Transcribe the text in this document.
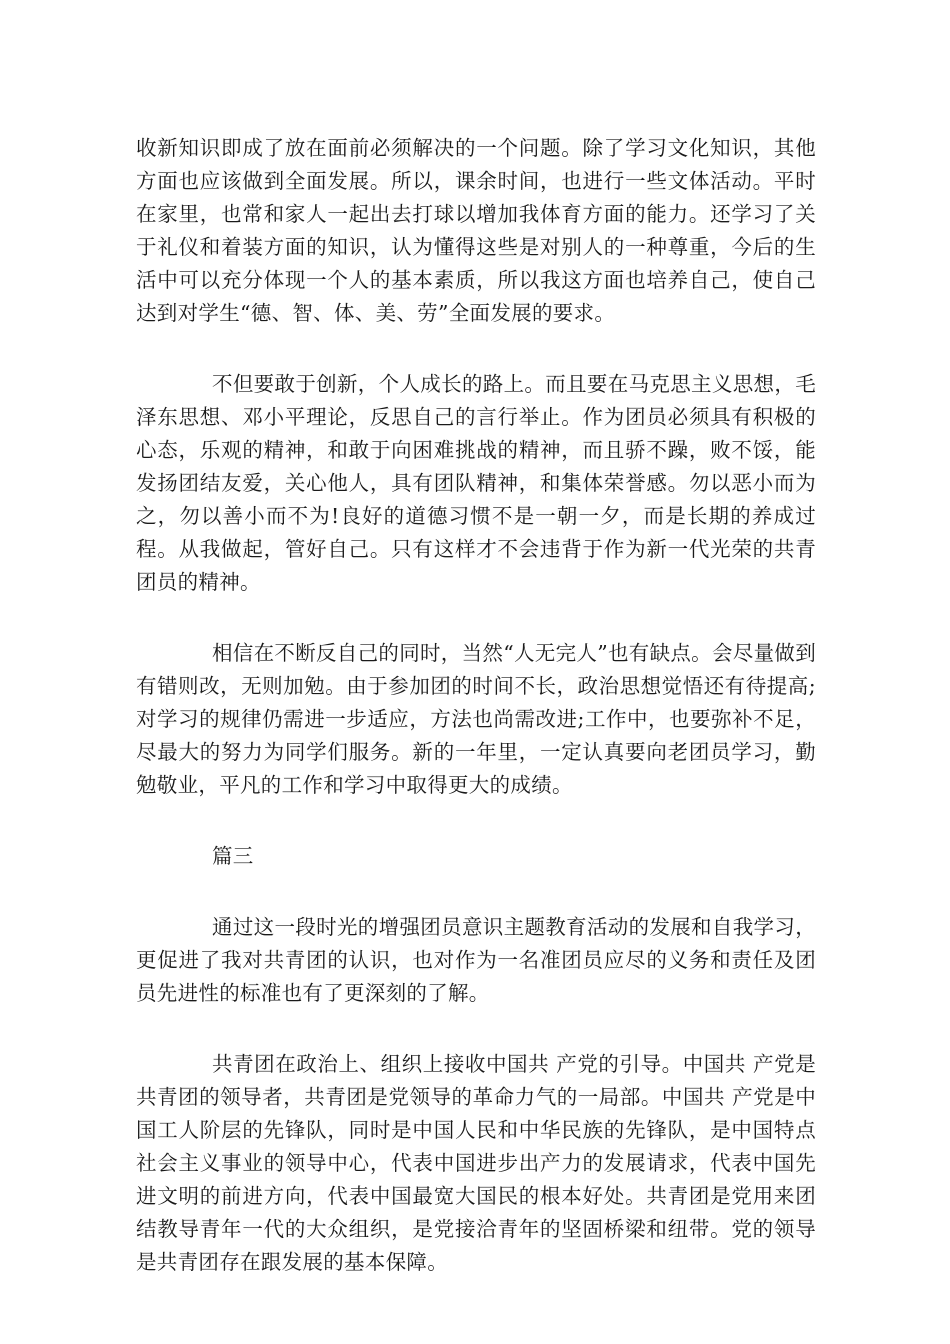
收新知识即成了放在面前必须解决的一个问题。除了学习文化知识，其他方面也应该做到全面发展。所以，课余时间，也进行一些文体活动。平时在家里，也常和家人一起出去打球以增加我体育方面的能力。还学习了关于礼仪和着装方面的知识，认为懂得这些是对别人的一种尊重，今后的生活中可以充分体现一个人的基本素质，所以我这方面也培养自己，使自己达到对学生“德、智、体、美、劳”全面发展的要求。

不但要敢于创新，个人成长的路上。而且要在马克思主义思想，毛泽东思想、邓小平理论，反思自己的言行举止。作为团员必须具有积极的心态，乐观的精神，和敢于向困难挑战的精神，而且骄不躁，败不馁，能发扬团结友爱，关心他人，具有团队精神，和集体荣誉感。勿以恶小而为之，勿以善小而不为!良好的道德习惯不是一朝一夕，而是长期的养成过程。从我做起，管好自己。只有这样才不会违背于作为新一代光荣的共青团员的精神。

相信在不断反自己的同时，当然“人无完人”也有缺点。会尽量做到有错则改，无则加勉。由于参加团的时间不长，政治思想觉悟还有待提高;对学习的规律仍需进一步适应，方法也尚需改进;工作中，也要弥补不足，尽最大的努力为同学们服务。新的一年里，一定认真要向老团员学习，勤勉敬业，平凡的工作和学习中取得更大的成绩。

篇三

通过这一段时光的增强团员意识主题教育活动的发展和自我学习，更促进了我对共青团的认识，也对作为一名准团员应尽的义务和责任及团员先进性的标准也有了更深刻的了解。

共青团在政治上、组织上接收中国共 产党的引导。中国共 产党是共青团的领导者，共青团是党领导的革命力气的一局部。中国共 产党是中国工人阶层的先锋队，同时是中国人民和中华民族的先锋队，是中国特点社会主义事业的领导中心，代表中国进步出产力的发展请求，代表中国先进文明的前进方向，代表中国最宽大国民的根本好处。共青团是党用来团结教导青年一代的大众组织，是党接洽青年的坚固桥梁和纽带。党的领导是共青团存在跟发展的基本保障。
